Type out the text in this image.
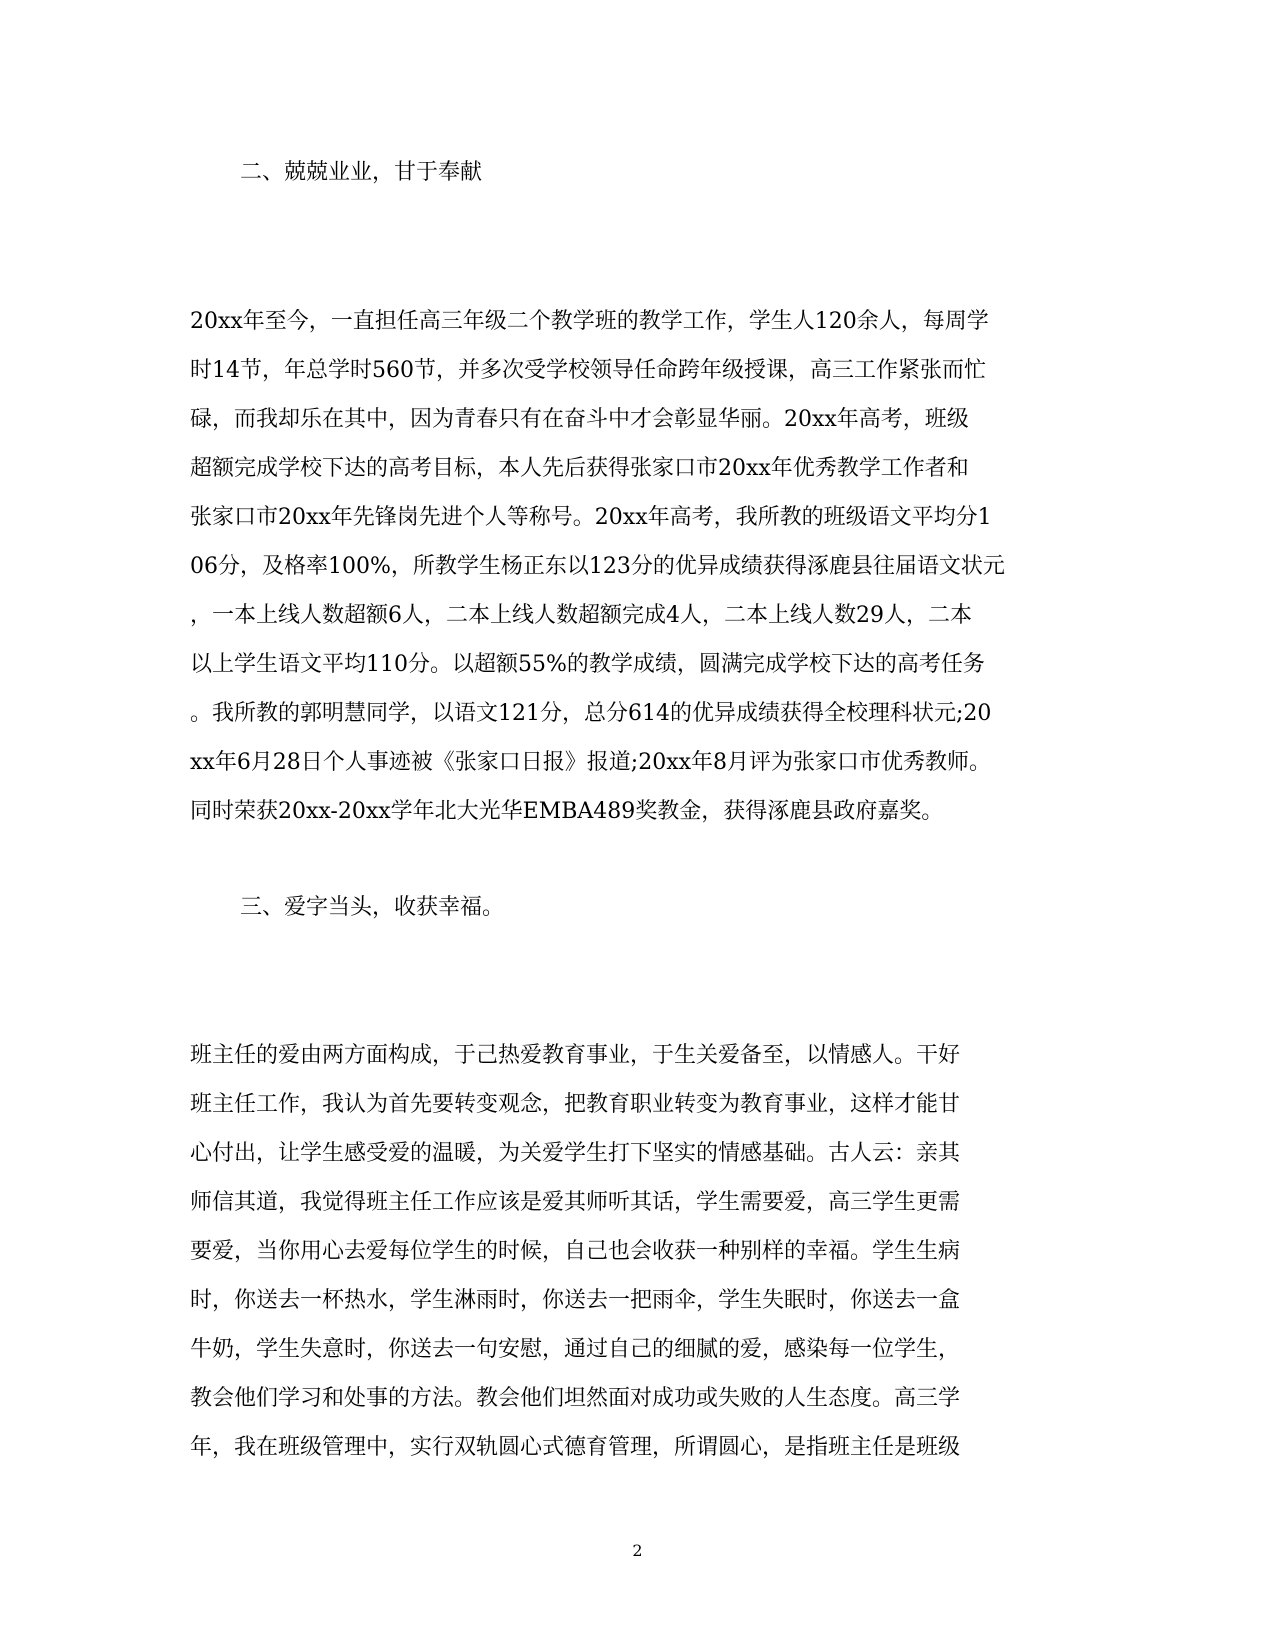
二、兢兢业业，甘于奉献
20xx年至今，一直担任高三年级二个教学班的教学工作，学生人120余人，每周学
时14节，年总学时560节，并多次受学校领导任命跨年级授课，高三工作紧张而忙
碌，而我却乐在其中，因为青春只有在奋斗中才会彰显华丽。20xx年高考，班级
超额完成学校下达的高考目标，本人先后获得张家口市20xx年优秀教学工作者和
张家口市20xx年先锋岗先进个人等称号。20xx年高考，我所教的班级语文平均分1
06分，及格率100%，所教学生杨正东以123分的优异成绩获得涿鹿县往届语文状元
，一本上线人数超额6人，二本上线人数超额完成4人，二本上线人数29人，二本
以上学生语文平均110分。以超额55%的教学成绩，圆满完成学校下达的高考任务
。我所教的郭明慧同学，以语文121分，总分614的优异成绩获得全校理科状元;20
xx年6月28日个人事迹被《张家口日报》报道;20xx年8月评为张家口市优秀教师。
同时荣获20xx-20xx学年北大光华EMBA489奖教金，获得涿鹿县政府嘉奖。
三、爱字当头，收获幸福。
班主任的爱由两方面构成，于己热爱教育事业，于生关爱备至，以情感人。干好
班主任工作，我认为首先要转变观念，把教育职业转变为教育事业，这样才能甘
心付出，让学生感受爱的温暖，为关爱学生打下坚实的情感基础。古人云：亲其
师信其道，我觉得班主任工作应该是爱其师听其话，学生需要爱，高三学生更需
要爱，当你用心去爱每位学生的时候，自己也会收获一种别样的幸福。学生生病
时，你送去一杯热水，学生淋雨时，你送去一把雨伞，学生失眠时，你送去一盒
牛奶，学生失意时，你送去一句安慰，通过自己的细腻的爱，感染每一位学生，
教会他们学习和处事的方法。教会他们坦然面对成功或失败的人生态度。高三学
年，我在班级管理中，实行双轨圆心式德育管理，所谓圆心，是指班主任是班级
2
